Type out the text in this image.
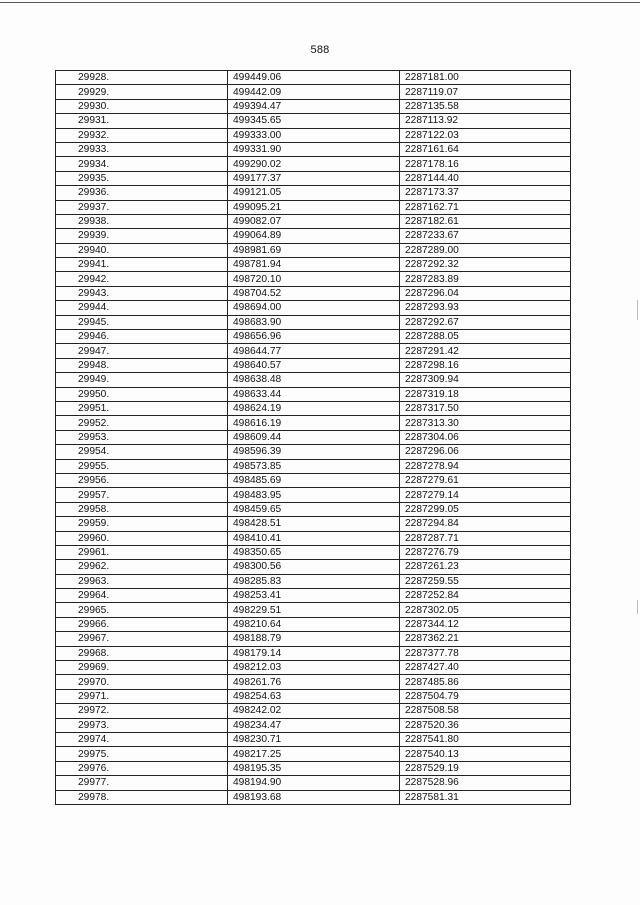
588
29928.	499449.06	2287181.00
29929.	499442.09	2287119.07
29930.	499394.47	2287135.58
29931.	499345.65	2287113.92
29932.	499333.00	2287122.03
29933.	499331.90	2287161.64
29934.	499290.02	2287178.16
29935.	499177.37	2287144.40
29936.	499121.05	2287173.37
29937.	499095.21	2287162.71
29938.	499082.07	2287182.61
29939.	499064.89	2287233.67
29940.	498981.69	2287289.00
29941.	498781.94	2287292.32
29942.	498720.10	2287283.89
29943.	498704.52	2287296.04
29944.	498694.00	2287293.93
29945.	498683.90	2287292.67
29946.	498656.96	2287288.05
29947.	498644.77	2287291.42
29948.	498640.57	2287298.16
29949.	498638.48	2287309.94
29950.	498633.44	2287319.18
29951.	498624.19	2287317.50
29952.	498616.19	2287313.30
29953.	498609.44	2287304.06
29954.	498596.39	2287296.06
29955.	498573.85	2287278.94
29956.	498485.69	2287279.61
29957.	498483.95	2287279.14
29958.	498459.65	2287299.05
29959.	498428.51	2287294.84
29960.	498410.41	2287287.71
29961.	498350.65	2287276.79
29962.	498300.56	2287261.23
29963.	498285.83	2287259.55
29964.	498253.41	2287252.84
29965.	498229.51	2287302.05
29966.	498210.64	2287344.12
29967.	498188.79	2287362.21
29968.	498179.14	2287377.78
29969.	498212.03	2287427.40
29970.	498261.76	2287485.86
29971.	498254.63	2287504.79
29972.	498242.02	2287508.58
29973.	498234.47	2287520.36
29974.	498230.71	2287541.80
29975.	498217.25	2287540.13
29976.	498195.35	2287529.19
29977.	498194.90	2287528.96
29978.	498193.68	2287581.31
